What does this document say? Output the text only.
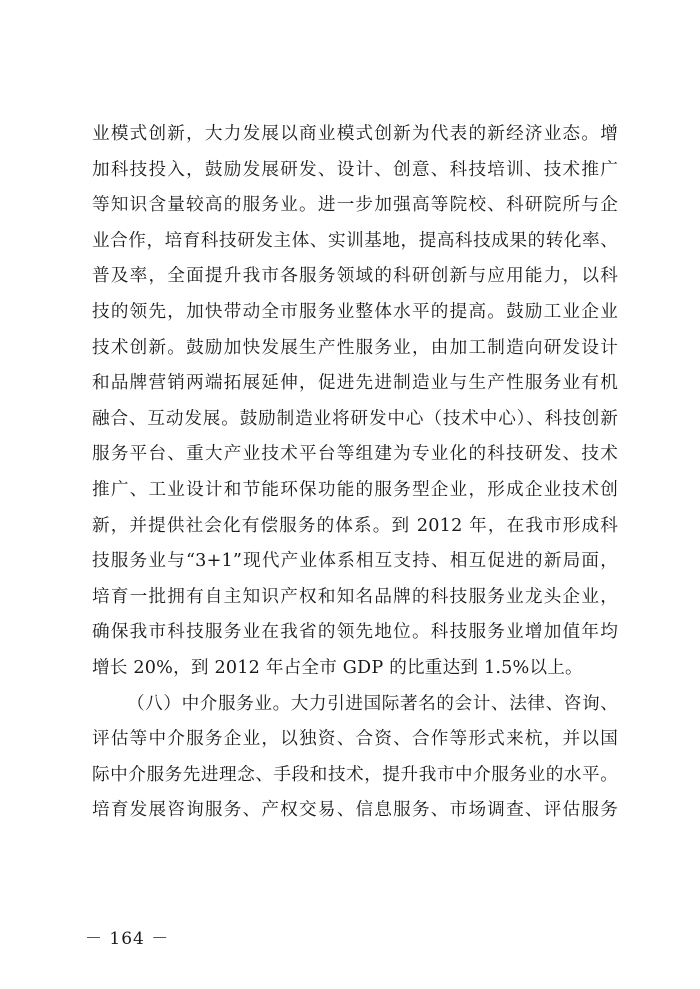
业模式创新，大力发展以商业模式创新为代表的新经济业态。增
加科技投入，鼓励发展研发、设计、创意、科技培训、技术推广
等知识含量较高的服务业。进一步加强高等院校、科研院所与企
业合作，培育科技研发主体、实训基地，提高科技成果的转化率、
普及率，全面提升我市各服务领域的科研创新与应用能力，以科
技的领先，加快带动全市服务业整体水平的提高。鼓励工业企业
技术创新。鼓励加快发展生产性服务业，由加工制造向研发设计
和品牌营销两端拓展延伸，促进先进制造业与生产性服务业有机
融合、互动发展。鼓励制造业将研发中心（技术中心）、科技创新
服务平台、重大产业技术平台等组建为专业化的科技研发、技术
推广、工业设计和节能环保功能的服务型企业，形成企业技术创
新，并提供社会化有偿服务的体系。到 2012 年，在我市形成科
技服务业与“3+1”现代产业体系相互支持、相互促进的新局面，
培育一批拥有自主知识产权和知名品牌的科技服务业龙头企业，
确保我市科技服务业在我省的领先地位。科技服务业增加值年均
增长 20%，到 2012 年占全市 GDP 的比重达到 1.5%以上。
（八）中介服务业。大力引进国际著名的会计、法律、咨询、
评估等中介服务企业，以独资、合资、合作等形式来杭，并以国
际中介服务先进理念、手段和技术，提升我市中介服务业的水平。
培育发展咨询服务、产权交易、信息服务、市场调查、评估服务
－ 164 －
